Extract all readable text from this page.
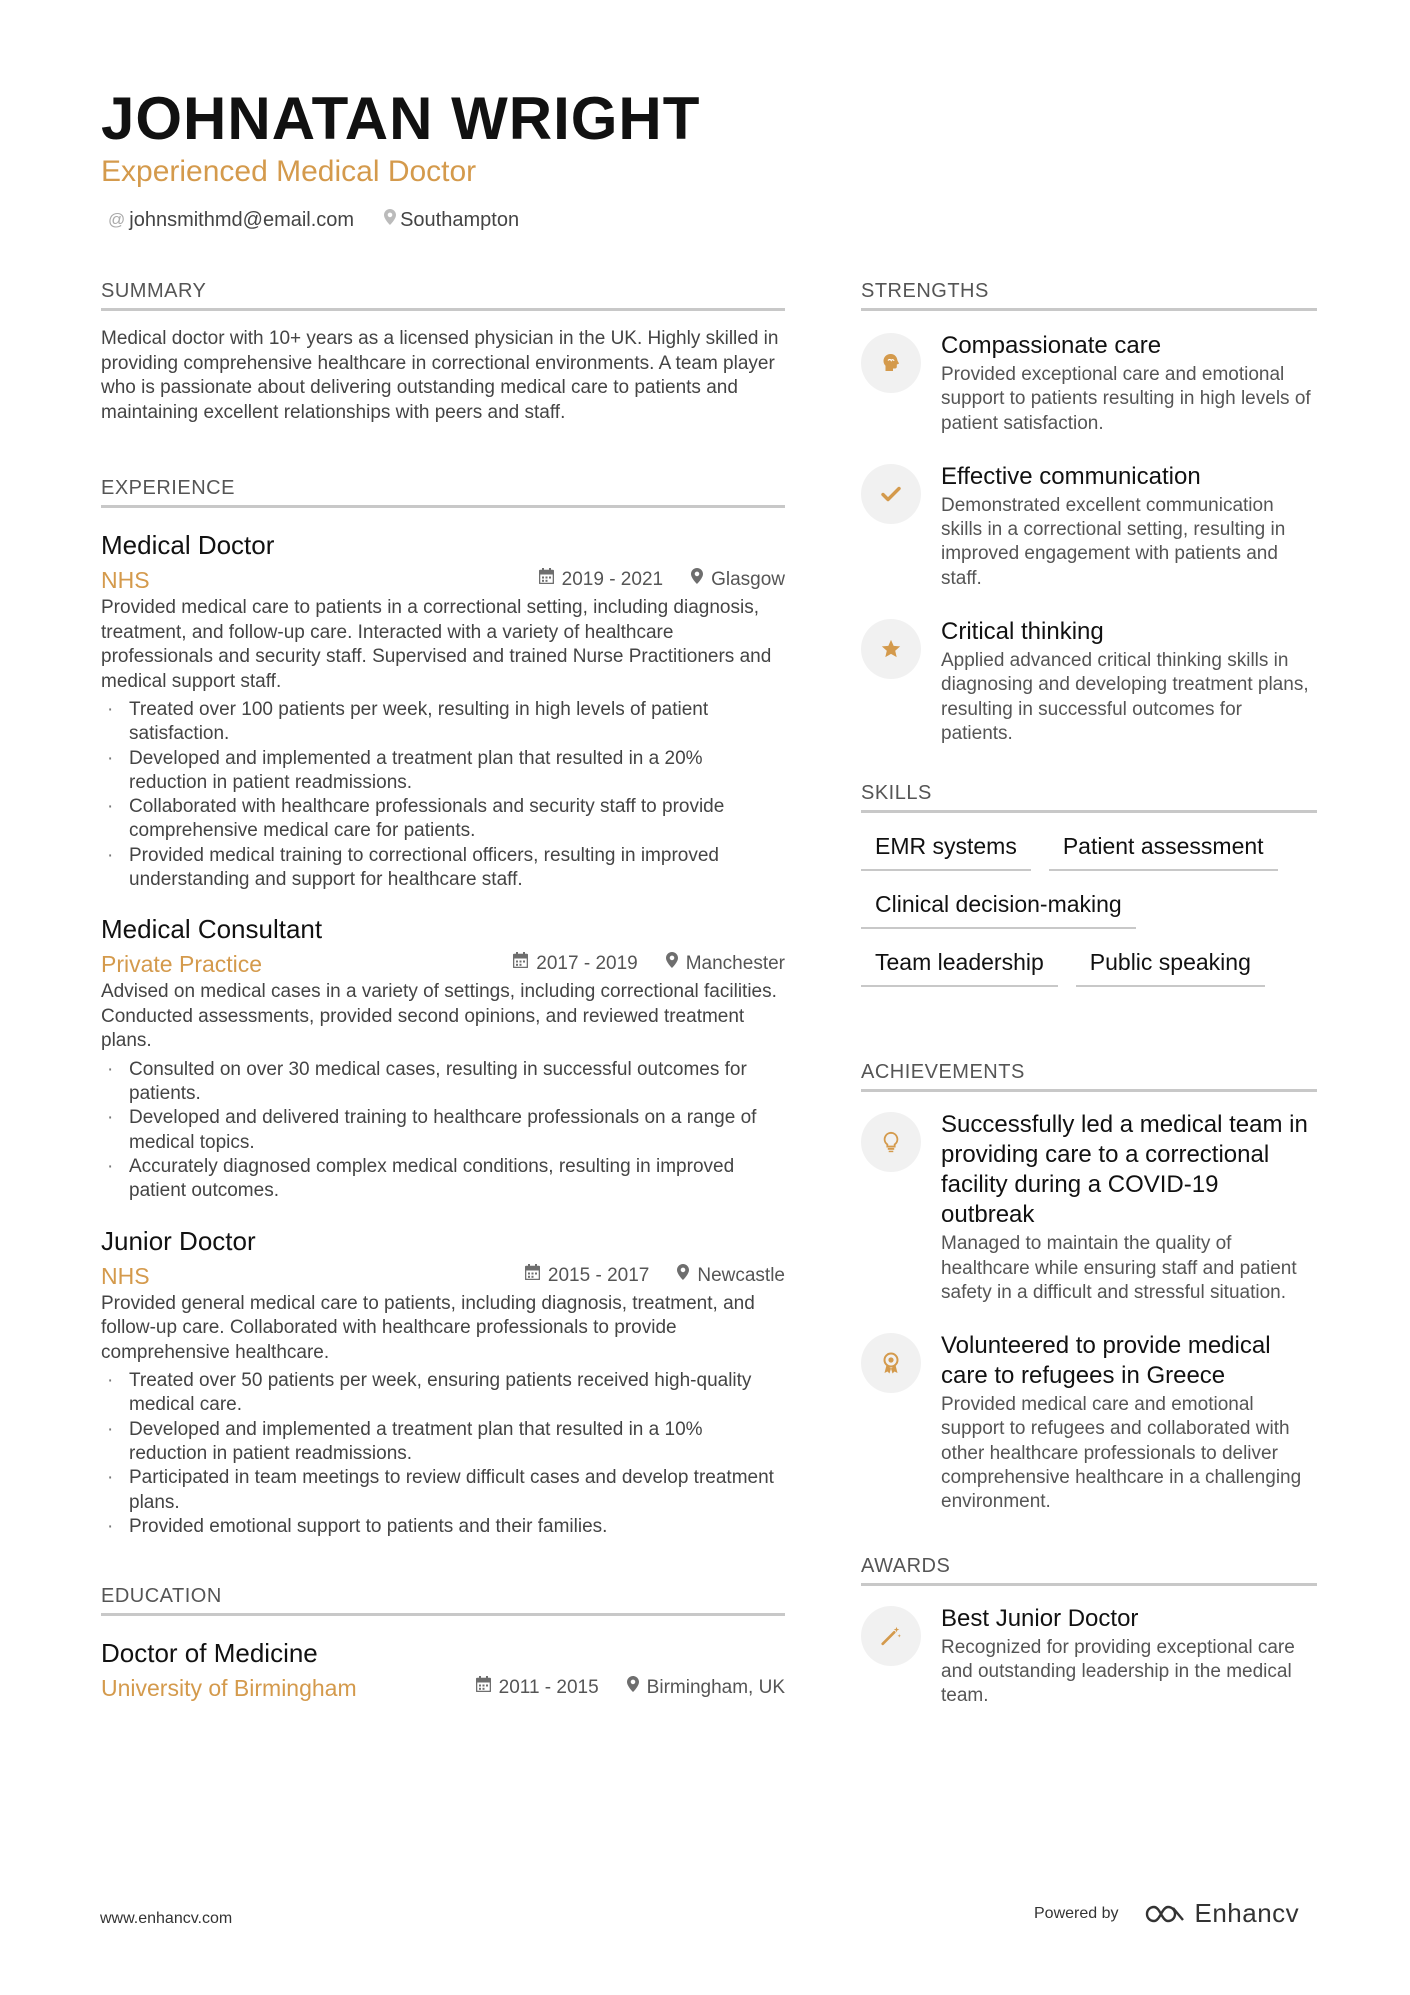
JOHNATAN WRIGHT
Experienced Medical Doctor
@ johnsmithmd@email.com Southampton
SUMMARY
Medical doctor with 10+ years as a licensed physician in the UK. Highly skilled in providing comprehensive healthcare in correctional environments. A team player who is passionate about delivering outstanding medical care to patients and maintaining excellent relationships with peers and staff.
EXPERIENCE
Medical Doctor
NHS	2019 - 2021	Glasgow
Provided medical care to patients in a correctional setting, including diagnosis, treatment, and follow-up care. Interacted with a variety of healthcare professionals and security staff. Supervised and trained Nurse Practitioners and medical support staff.
· Treated over 100 patients per week, resulting in high levels of patient satisfaction.
· Developed and implemented a treatment plan that resulted in a 20% reduction in patient readmissions.
· Collaborated with healthcare professionals and security staff to provide comprehensive medical care for patients.
· Provided medical training to correctional officers, resulting in improved understanding and support for healthcare staff.
Medical Consultant
Private Practice	2017 - 2019	Manchester
Advised on medical cases in a variety of settings, including correctional facilities. Conducted assessments, provided second opinions, and reviewed treatment plans.
· Consulted on over 30 medical cases, resulting in successful outcomes for patients.
· Developed and delivered training to healthcare professionals on a range of medical topics.
· Accurately diagnosed complex medical conditions, resulting in improved patient outcomes.
Junior Doctor
NHS	2015 - 2017	Newcastle
Provided general medical care to patients, including diagnosis, treatment, and follow-up care. Collaborated with healthcare professionals to provide comprehensive healthcare.
· Treated over 50 patients per week, ensuring patients received high-quality medical care.
· Developed and implemented a treatment plan that resulted in a 10% reduction in patient readmissions.
· Participated in team meetings to review difficult cases and develop treatment plans.
· Provided emotional support to patients and their families.
EDUCATION
Doctor of Medicine
University of Birmingham	2011 - 2015	Birmingham, UK
STRENGTHS
Compassionate care
Provided exceptional care and emotional support to patients resulting in high levels of patient satisfaction.
Effective communication
Demonstrated excellent communication skills in a correctional setting, resulting in improved engagement with patients and staff.
Critical thinking
Applied advanced critical thinking skills in diagnosing and developing treatment plans, resulting in successful outcomes for patients.
SKILLS
EMR systems	Patient assessment
Clinical decision-making
Team leadership	Public speaking
ACHIEVEMENTS
Successfully led a medical team in providing care to a correctional facility during a COVID-19 outbreak
Managed to maintain the quality of healthcare while ensuring staff and patient safety in a difficult and stressful situation.
Volunteered to provide medical care to refugees in Greece
Provided medical care and emotional support to refugees and collaborated with other healthcare professionals to deliver comprehensive healthcare in a challenging environment.
AWARDS
Best Junior Doctor
Recognized for providing exceptional care and outstanding leadership in the medical team.
www.enhancv.com	Powered by	Enhancv
